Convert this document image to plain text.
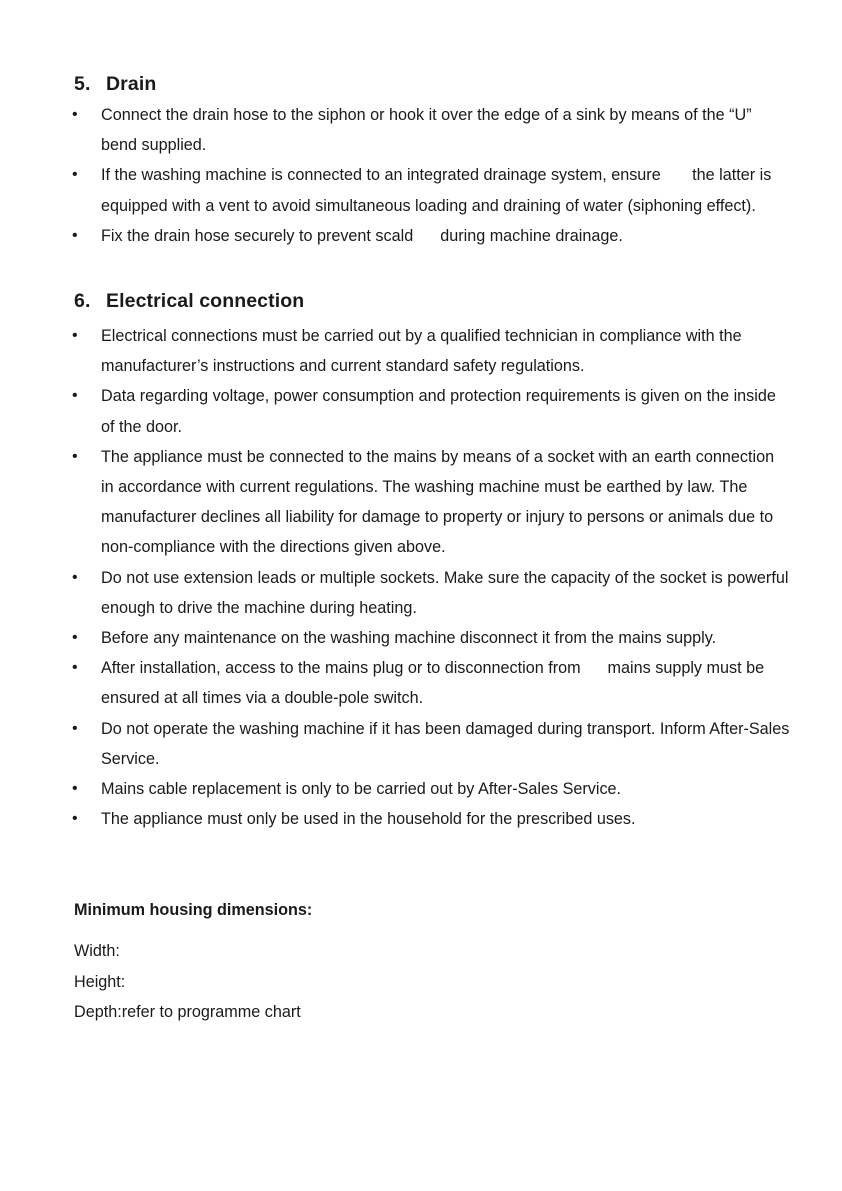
5. Drain
• Connect the drain hose to the siphon or hook it over the edge of a sink by means of the “U” bend supplied.
• If the washing machine is connected to an integrated drainage system, ensure       the latter is equipped with a vent to avoid simultaneous loading and draining of water (siphoning effect).
• Fix the drain hose securely to prevent scald      during machine drainage.
6. Electrical connection
• Electrical connections must be carried out by a qualified technician in compliance with the manufacturer’s instructions and current standard safety regulations.
• Data regarding voltage, power consumption and protection requirements is given on the inside of the door.
• The appliance must be connected to the mains by means of a socket with an earth connection in accordance with current regulations. The washing machine must be earthed by law. The manufacturer declines all liability for damage to property or injury to persons or animals due to non-compliance with the directions given above.
• Do not use extension leads or multiple sockets. Make sure the capacity of the socket is powerful enough to drive the machine during heating.
• Before any maintenance on the washing machine disconnect it from the mains supply.
• After installation, access to the mains plug or to disconnection from      mains supply must be ensured at all times via a double-pole switch.
• Do not operate the washing machine if it has been damaged during transport. Inform After-Sales Service.
• Mains cable replacement is only to be carried out by After-Sales Service.
• The appliance must only be used in the household for the prescribed uses.

Minimum housing dimensions:

Width:
Height:
Depth:refer to programme chart
